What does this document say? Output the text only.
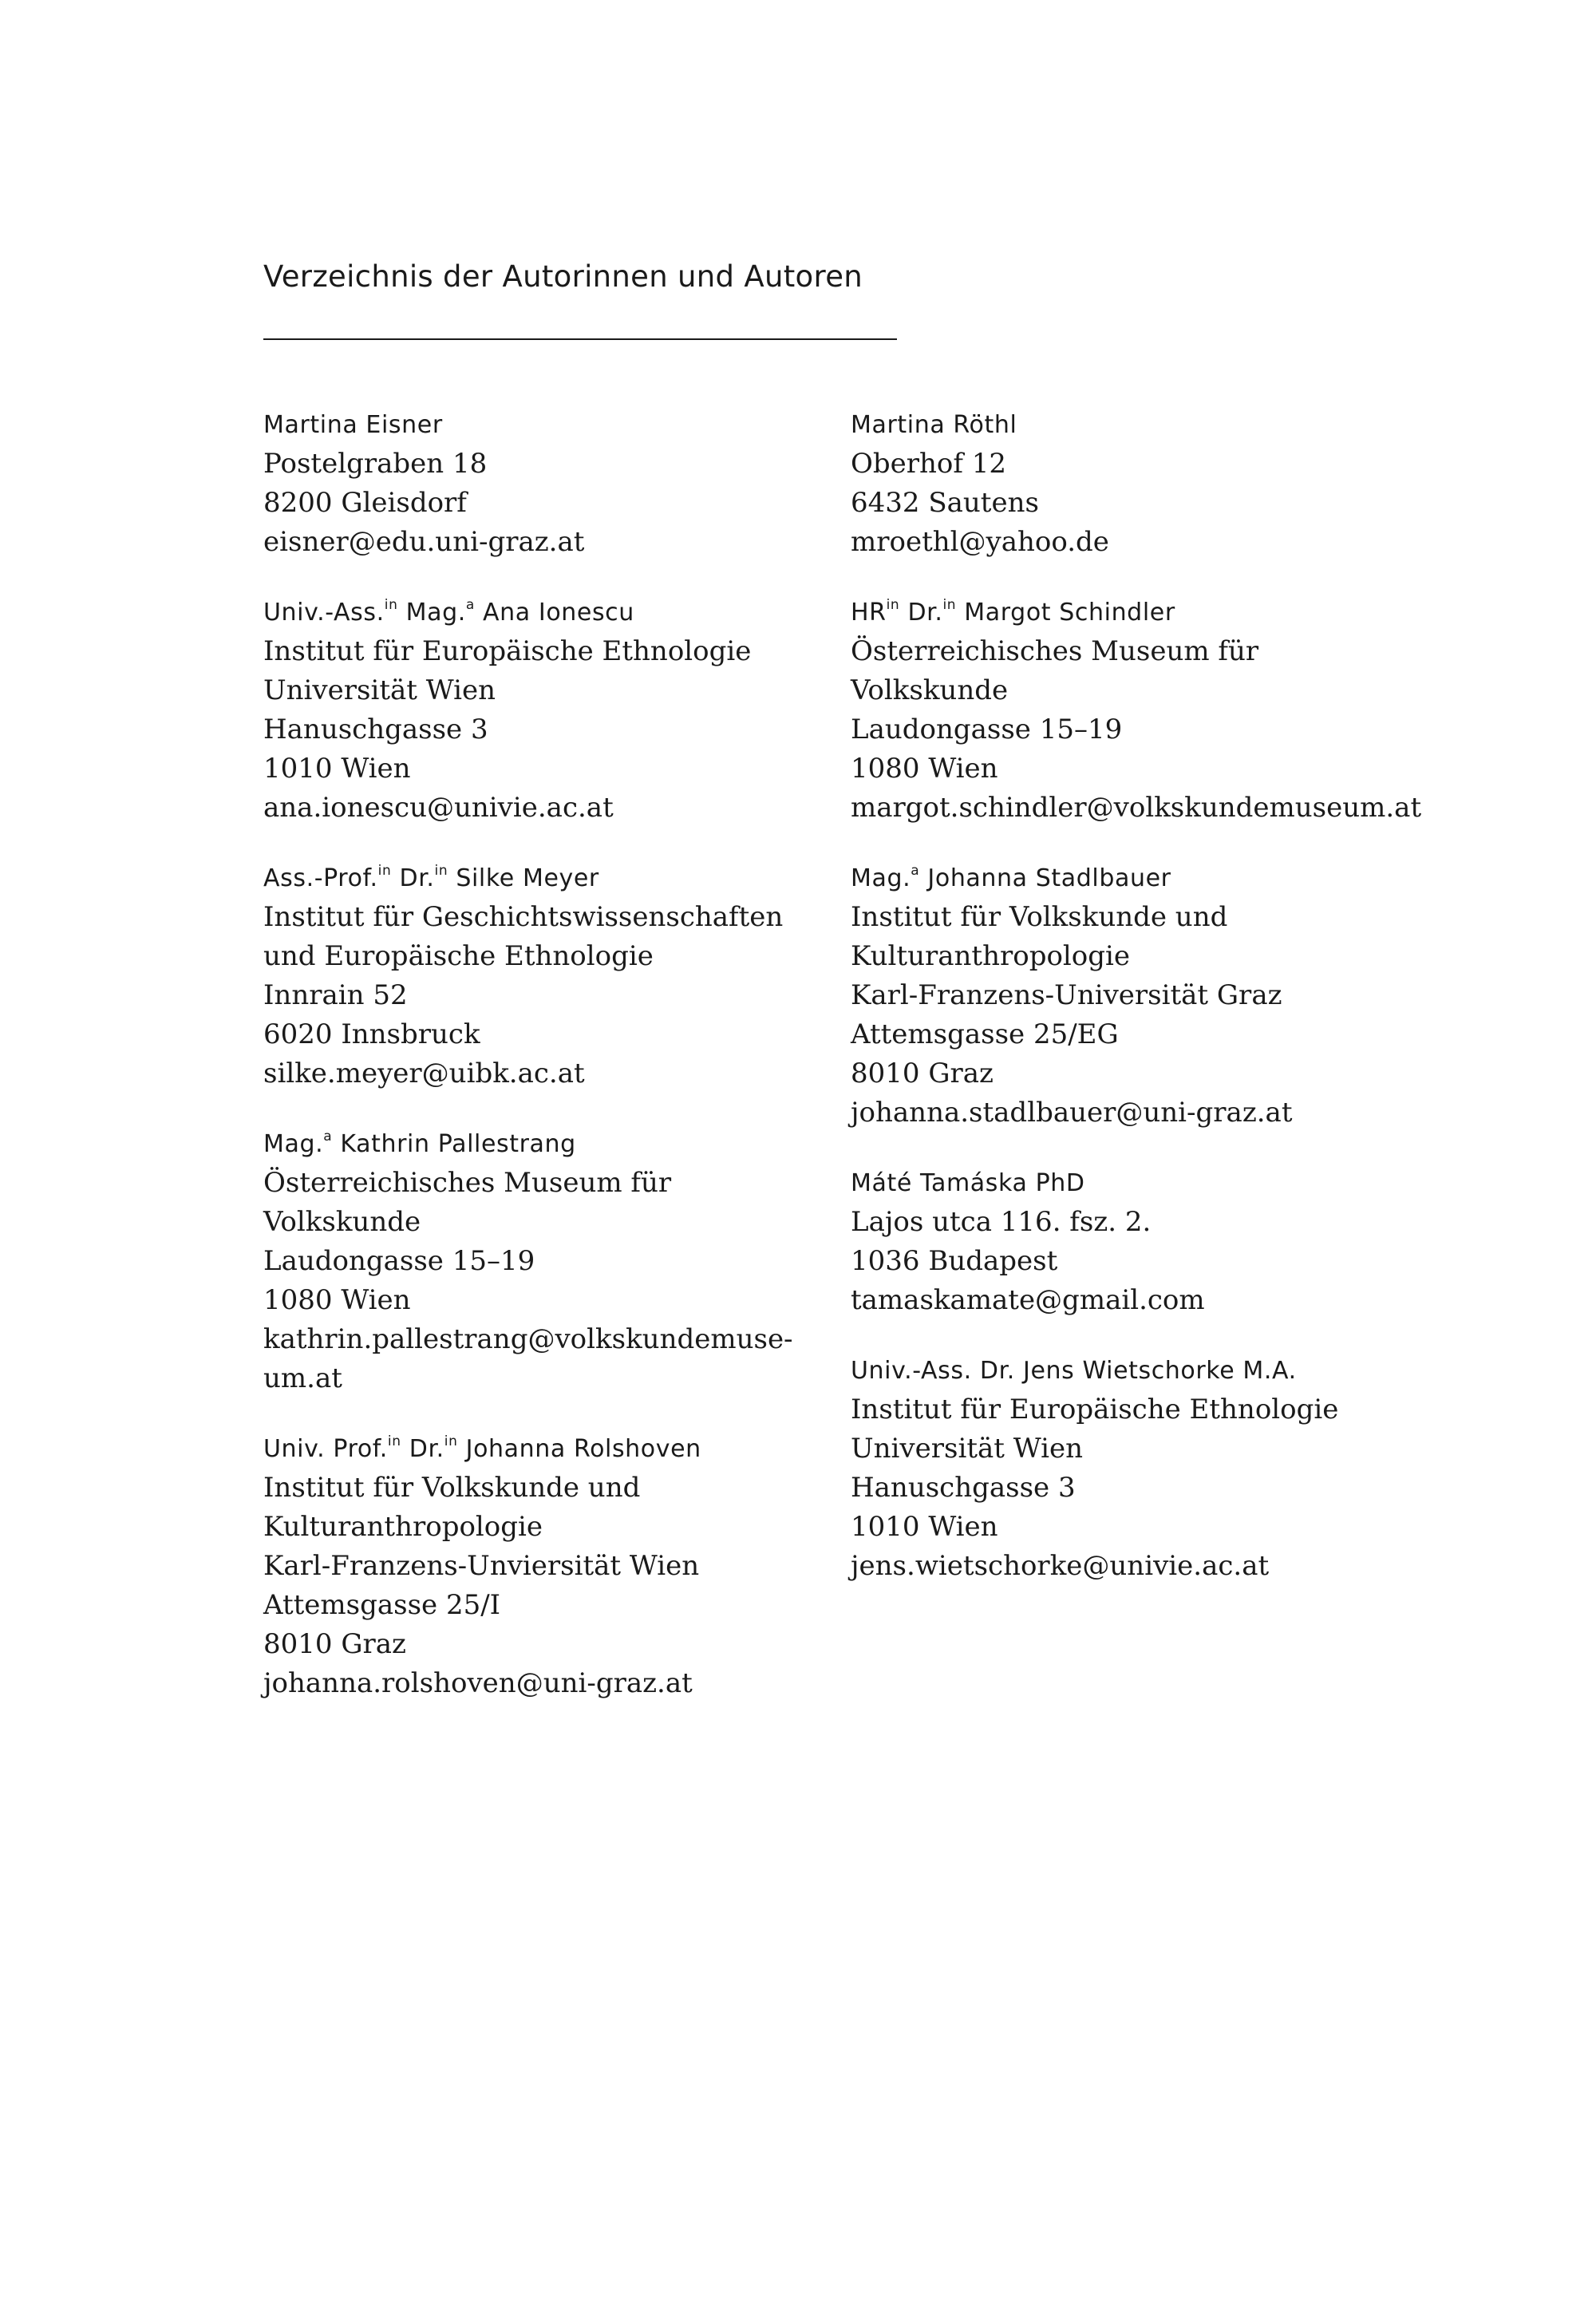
Verzeichnis der Autorinnen und Autoren
Martina Eisner
Postelgraben 18
8200 Gleisdorf
eisner@edu.uni-graz.at
Univ.-Ass.$^{in}$ Mag.$^a$ Ana Ionescu
Institut für Europäische Ethnologie
Universität Wien
Hanuschgasse 3
1010 Wien
ana.ionescu@univie.ac.at
Ass.-Prof.$^{in}$ Dr.$^{in}$ Silke Meyer
Institut für Geschichtswissenschaften
und Europäische Ethnologie
Innrain 52
6020 Innsbruck
silke.meyer@uibk.ac.at
Mag.$^a$ Kathrin Pallestrang
Österreichisches Museum für
Volkskunde
Laudongasse 15–19
1080 Wien
kathrin.pallestrang@volkskundemuse-
um.at
Univ. Prof.$^{in}$ Dr.$^{in}$ Johanna Rolshoven
Institut für Volkskunde und
Kulturanthropologie
Karl-Franzens-Unviersität Wien
Attemsgasse 25/I
8010 Graz
johanna.rolshoven@uni-graz.at
Martina Röthl
Oberhof 12
6432 Sautens
mroethl@yahoo.de
$HR^{in}$ Dr.$^{in}$ Margot Schindler
Österreichisches Museum für
Volkskunde
Laudongasse 15–19
1080 Wien
margot.schindler@volkskundemuseum.at
Mag.$^a$ Johanna Stadlbauer
Institut für Volkskunde und
Kulturanthropologie
Karl-Franzens-Universität Graz
Attemsgasse 25/EG
8010 Graz
johanna.stadlbauer@uni-graz.at
Máté Tamáska PhD
Lajos utca 116. fsz. 2.
1036 Budapest
tamaskamate@gmail.com
Univ.-Ass. Dr. Jens Wietschorke M.A.
Institut für Europäische Ethnologie
Universität Wien
Hanuschgasse 3
1010 Wien
jens.wietschorke@univie.ac.at
